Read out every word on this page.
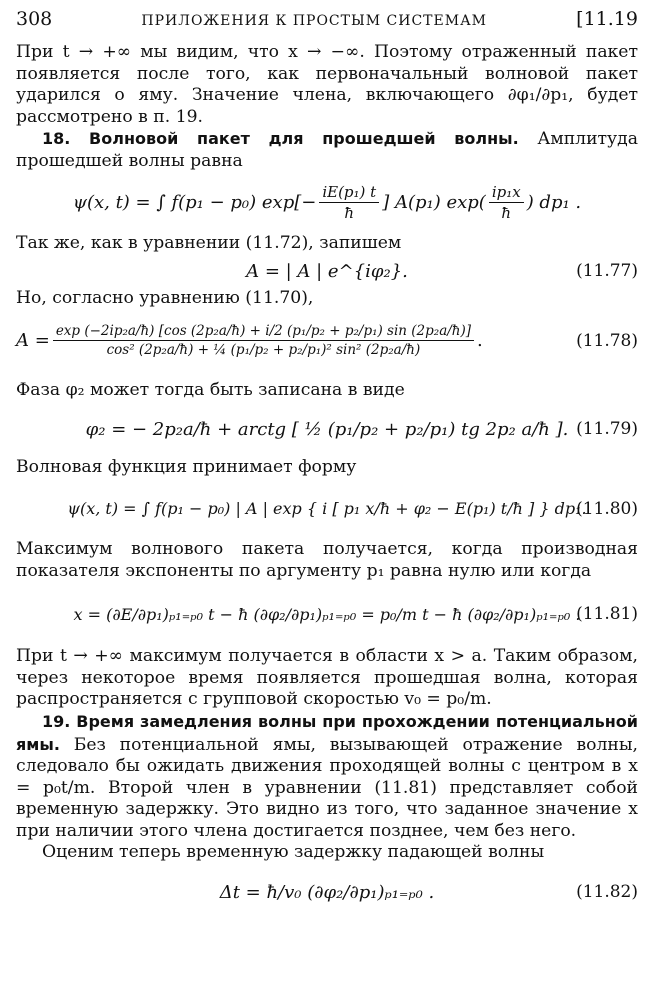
308	ПРИЛОЖЕНИЯ К ПРОСТЫМ СИСТЕМАМ	[11.19

При t → +∞ мы видим, что x → −∞. Поэтому отраженный пакет появляется после того, как первоначальный волновой пакет ударился о яму. Значение члена, включающего ∂φ₁/∂p₁, будет рассмотрено в п. 19.

18. Волновой пакет для прошедшей волны. Амплитуда прошедшей волны равна

ψ(x, t) = ∫ f(p₁ − p₀) $\exp[- \frac{\text{iE(p₁) t}}{ħ}$ ] A(p₁) $\exp( \frac{\text{ip₁x}}{ħ}$ ) dp₁ .

Так же, как в уравнении (11.72), запишем

A = | A | e^{iφ₂}.	(11.77)

Но, согласно уравнению (11.70),

A = exp (−2ip₂a/ħ) [cos (2p₂a/ħ) + i/2 (p₁/p₂ + p₂/p₁) sin (2p₂a/ħ)]
cos² (2p₂a/ħ) + ¼ (p₁/p₂ + p₂/p₁)² sin² (2p₂a/ħ)	.	(11.78)

Фаза φ₂ может тогда быть записана в виде

φ₂ = − 2p₂a/ħ + arctg [ ½ (p₁/p₂ + p₂/p₁) tg 2p₂ a/ħ ]. (11.79)

Волновая функция принимает форму

ψ(x, t) = ∫ f(p₁ − p₀) | A | exp { i [ p₁ x/ħ + φ₂ − E(p₁) t/ħ ] } dp₁.
(11.80)

Максимум волнового пакета получается, когда производная показателя экспоненты по аргументу p₁ равна нулю или когда

x = (∂E/∂p₁)ₚ₁₌ₚ₀ t − ħ (∂φ₂/∂p₁)ₚ₁₌ₚ₀ = p₀/m t − ħ (∂φ₂/∂p₁)ₚ₁₌ₚ₀ .
(11.81)

При t → +∞ максимум получается в области x > a. Таким образом, через некоторое время появляется прошедшая волна, которая распространяется с групповой скоростью v₀ = p₀/m.

19. Время замедления волны при прохождении потенциальной ямы. Без потенциальной ямы, вызывающей отражение волны, следовало бы ожидать движения проходящей волны с центром в x = p₀t/m. Второй член в уравнении (11.81) представляет собой временную задержку. Это видно из того, что заданное значение x при наличии этого члена достигается позднее, чем без него.

Оценим теперь временную задержку падающей волны

Δt = ħ/v₀ (∂φ₂/∂p₁)ₚ₁₌ₚ₀ .	(11.82)
